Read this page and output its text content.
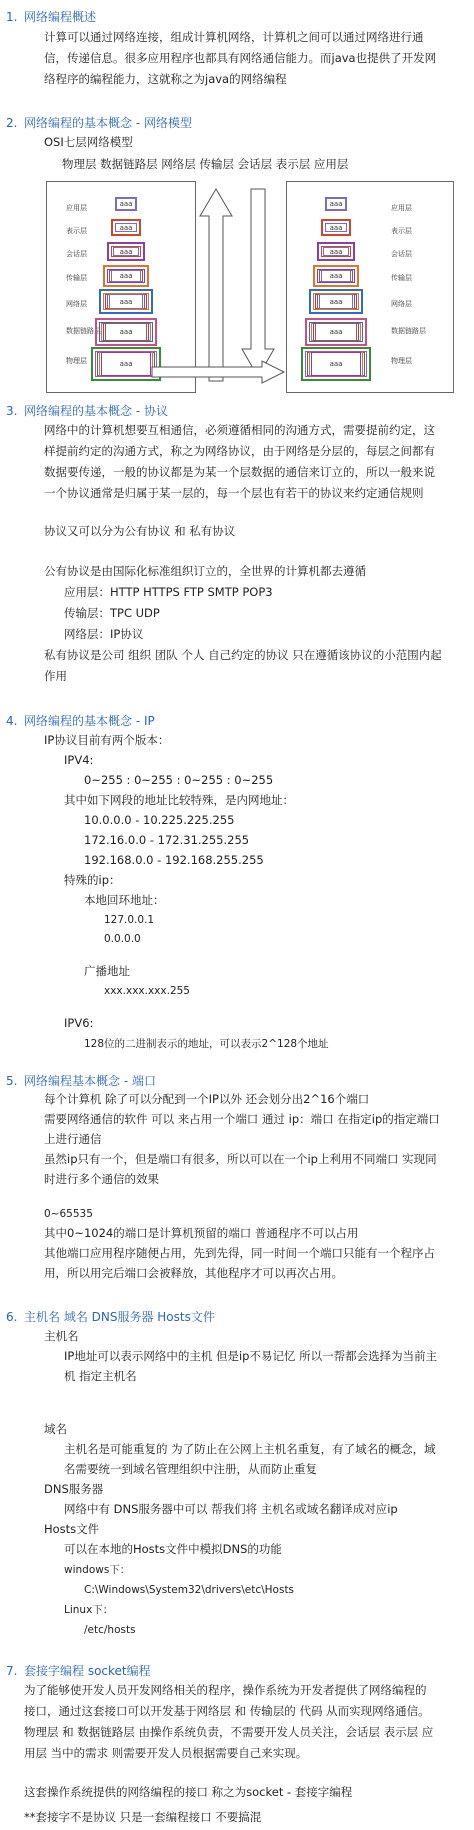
1. 网络编程概述
计算可以通过网络连接，组成计算机网络，计算机之间可以通过网络进行通
信，传递信息。很多应用程序也都具有网络通信能力。而java也提供了开发网
络程序的编程能力，这就称之为java的网络编程
2. 网络编程的基本概念 - 网络模型
OSI七层网络模型
物理层 数据链路层 网络层 传输层 会话层 表示层 应用层
应用层
表示层
会话层
传输层
网络层
数据链路层
物理层
应用层
表示层
会话层
传输层
网络层
数据链路层
物理层
aaa
aaa
aaa
aaa
aaa
aaa
aaa
aaa
aaa
aaa
aaa
aaa
aaa
aaa
3. 网络编程的基本概念 - 协议
网络中的计算机想要互相通信，必须遵循相同的沟通方式，需要提前约定，这
样提前约定的沟通方式，称之为网络协议，由于网络是分层的，每层之间都有
数据要传递，一般的协议都是为某一个层数据的通信来订立的，所以一般来说
一个协议通常是归属于某一层的，每一个层也有若干的协议来约定通信规则
协议又可以分为公有协议 和 私有协议
公有协议是由国际化标准组织订立的，全世界的计算机都去遵循
应用层：HTTP HTTPS FTP SMTP POP3
传输层：TPC UDP
网络层：IP协议
私有协议是公司 组织 团队 个人 自己约定的协议 只在遵循该协议的小范围内起
作用
4. 网络编程的基本概念 - IP
IP协议目前有两个版本：
IPV4:
0~255 : 0~255 : 0~255 : 0~255
其中如下网段的地址比较特殊，是内网地址：
10.0.0.0 - 10.225.225.255
172.16.0.0 - 172.31.255.255
192.168.0.0 - 192.168.255.255
特殊的ip：
本地回环地址：
127.0.0.1
0.0.0.0
广播地址
xxx.xxx.xxx.255
IPV6:
128位的二进制表示的地址，可以表示2^128个地址
5. 网络编程基本概念 - 端口
每个计算机 除了可以分配到一个IP以外 还会划分出2^16个端口
需要网络通信的软件 可以 来占用一个端口 通过 ip：端口 在指定ip的指定端口
上进行通信
虽然ip只有一个，但是端口有很多，所以可以在一个ip上利用不同端口 实现同
时进行多个通信的效果
0~65535
其中0~1024的端口是计算机预留的端口 普通程序不可以占用
其他端口应用程序随便占用，先到先得，同一时间一个端口只能有一个程序占
用，所以用完后端口会被释放，其他程序才可以再次占用。
6. 主机名 域名 DNS服务器 Hosts文件
主机名
IP地址可以表示网络中的主机 但是ip不易记忆 所以一帮都会选择为当前主
机 指定主机名
域名
主机名是可能重复的 为了防止在公网上主机名重复，有了域名的概念，域
名需要统一到域名管理组织中注册，从而防止重复
DNS服务器
网络中有 DNS服务器中可以 帮我们将 主机名或域名翻译成对应ip
Hosts文件
可以在本地的Hosts文件中模拟DNS的功能
windows下：
C:\Windows\System32\drivers\etc\Hosts
Linux下：
/etc/hosts
7. 套接字编程 socket编程
为了能够使开发人员开发网络相关的程序，操作系统为开发者提供了网络编程的
接口，通过这套接口可以开发基于网络层 和 传输层的 代码 从而实现网络通信。
物理层 和 数据链路层 由操作系统负责，不需要开发人员关注，会话层 表示层 应
用层 当中的需求 则需要开发人员根据需要自己来实现。
这套操作系统提供的网络编程的接口 称之为socket - 套接字编程
**套接字不是协议 只是一套编程接口 不要搞混
